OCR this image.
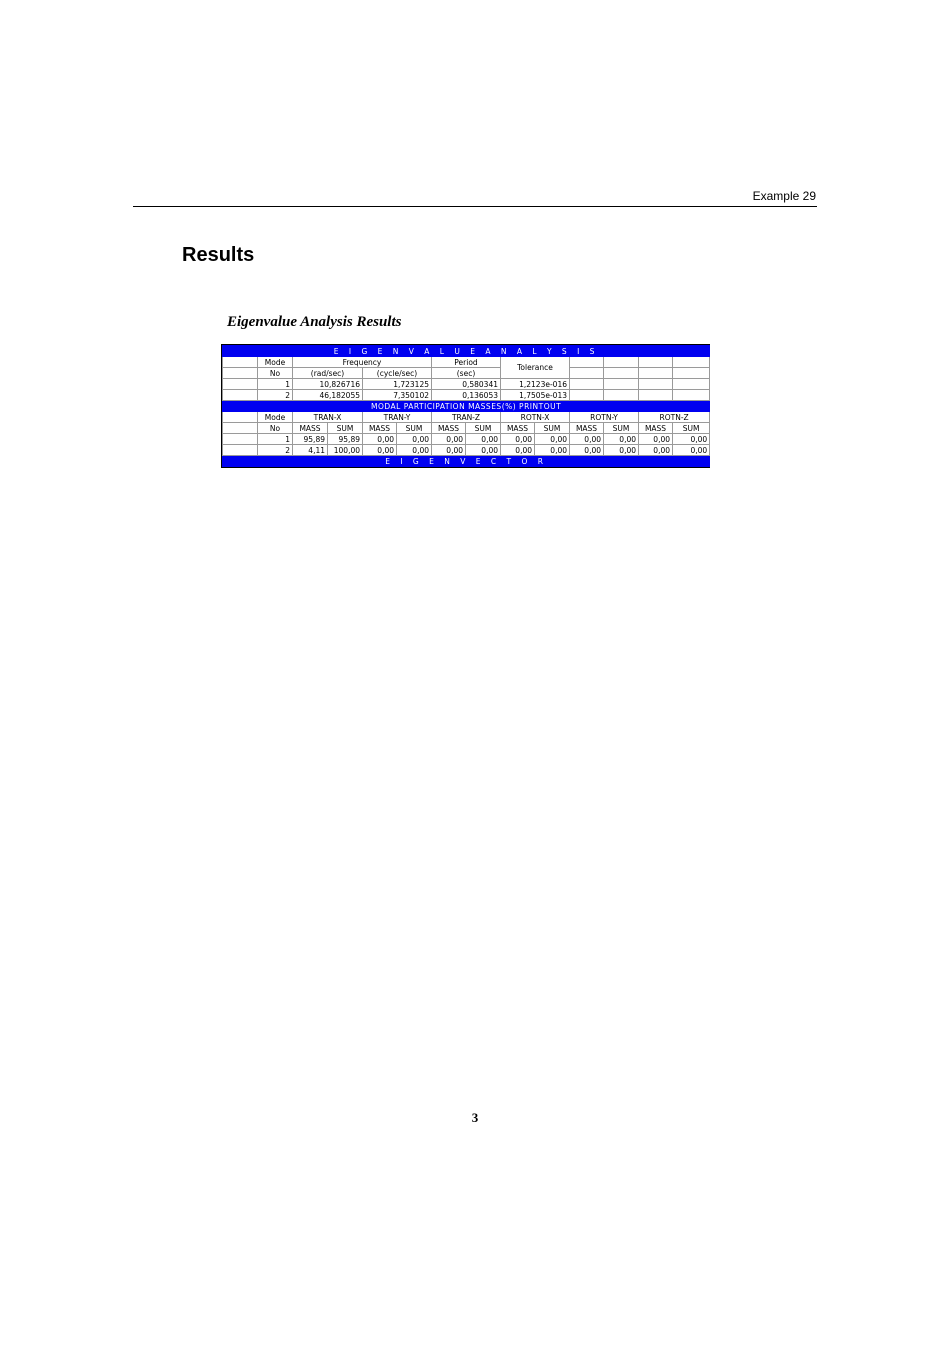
Example 29
Results
Eigenvalue Analysis Results
E I G E N V A L U E A N A L Y S I S													
	Mode	Frequency				Period		Tolerance					
	No	(rad/sec)		(cycle/sec)		(sec)							
	1	10,826716		1,723125		0,580341		1,2123e-016					
	2	46,182055		7,350102		0,136053		1,7505e-013					
MODAL PARTICIPATION MASSES(%) PRINTOUT													
	Mode	TRAN-X		TRAN-Y		TRAN-Z		ROTN-X		ROTN-Y		ROTN-Z	
	No	MASS	SUM	MASS	SUM	MASS	SUM	MASS	SUM	MASS	SUM	MASS	SUM
	1	95,89	95,89	0,00	0,00	0,00	0,00	0,00	0,00	0,00	0,00	0,00	0,00
	2	4,11	100,00	0,00	0,00	0,00	0,00	0,00	0,00	0,00	0,00	0,00	0,00
E I G E N V E C T O R													
3
